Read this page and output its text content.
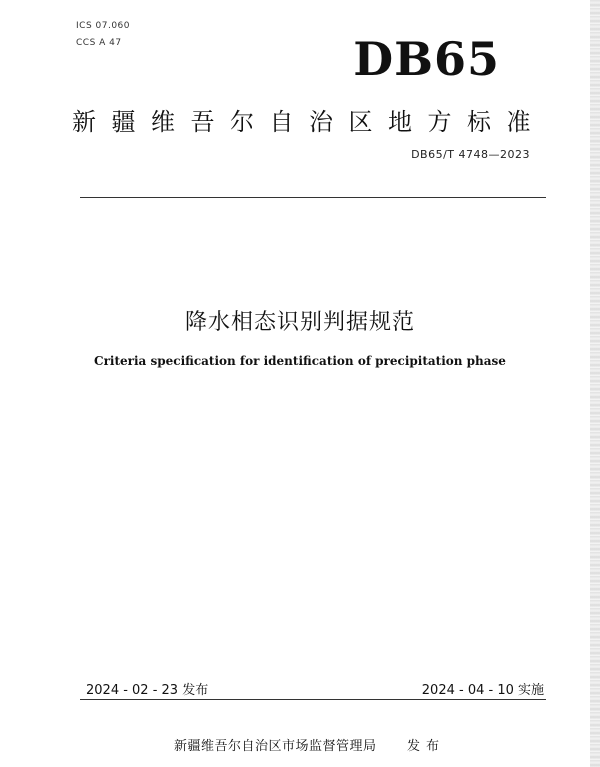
ICS 07.060
CCS A 47	DB65
新疆维吾尔自治区地方标准
DB65/T 4748—2023
降水相态识别判据规范
Criteria specification for identification of precipitation phase
2024 - 02 - 23 发布	2024 - 04 - 10 实施
新疆维吾尔自治区市场监督管理局 发布
